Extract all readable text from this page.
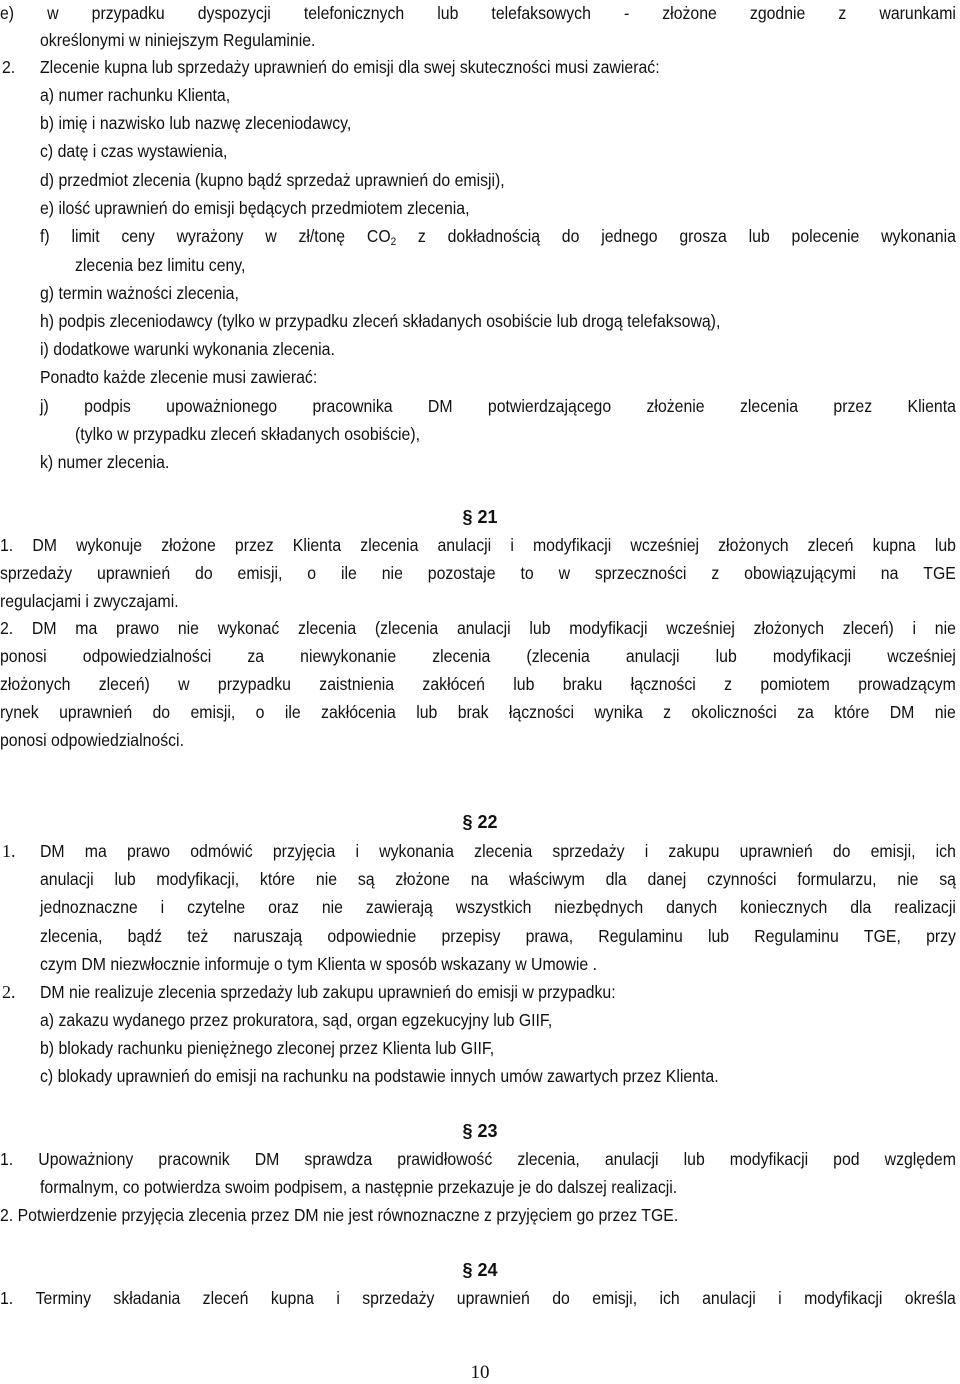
e) w przypadku dyspozycji telefonicznych lub telefaksowych - złożone zgodnie z warunkami
określonymi w niniejszym Regulaminie.
2. Zlecenie kupna lub sprzedaży uprawnień do emisji dla swej skuteczności musi zawierać:
a) numer rachunku Klienta,
b) imię i nazwisko lub nazwę zleceniodawcy,
c) datę i czas wystawienia,
d) przedmiot zlecenia (kupno bądź sprzedaż uprawnień do emisji),
e) ilość uprawnień do emisji będących przedmiotem zlecenia,
f) limit ceny wyrażony w zł/tonę $CO_2$ z dokładnością do jednego grosza lub polecenie wykonania
zlecenia bez limitu ceny,
g) termin ważności zlecenia,
h) podpis zleceniodawcy (tylko w przypadku zleceń składanych osobiście lub drogą telefaksową),
i) dodatkowe warunki wykonania zlecenia.
Ponadto każde zlecenie musi zawierać:
j) podpis upoważnionego pracownika DM potwierdzającego złożenie zlecenia przez Klienta
(tylko w przypadku zleceń składanych osobiście),
k) numer zlecenia.
§ 21
1. DM wykonuje złożone przez Klienta zlecenia anulacji i modyfikacji wcześniej złożonych zleceń kupna lub
sprzedaży uprawnień do emisji, o ile nie pozostaje to w sprzeczności z obowiązującymi na TGE
regulacjami i zwyczajami.
2. DM ma prawo nie wykonać zlecenia (zlecenia anulacji lub modyfikacji wcześniej złożonych zleceń) i nie
ponosi odpowiedzialności za niewykonanie zlecenia (zlecenia anulacji lub modyfikacji wcześniej
złożonych zleceń) w przypadku zaistnienia zakłóceń lub braku łączności z pomiotem prowadzącym
rynek uprawnień do emisji, o ile zakłócenia lub brak łączności wynika z okoliczności za które DM nie
ponosi odpowiedzialności.
§ 22
1. DM ma prawo odmówić przyjęcia i wykonania zlecenia sprzedaży i zakupu uprawnień do emisji, ich
anulacji lub modyfikacji, które nie są złożone na właściwym dla danej czynności formularzu, nie są
jednoznaczne i czytelne oraz nie zawierają wszystkich niezbędnych danych koniecznych dla realizacji
zlecenia, bądź też naruszają odpowiednie przepisy prawa, Regulaminu lub Regulaminu TGE, przy
czym DM niezwłocznie informuje o tym Klienta w sposób wskazany w Umowie .
2. DM nie realizuje zlecenia sprzedaży lub zakupu uprawnień do emisji w przypadku:
a) zakazu wydanego przez prokuratora, sąd, organ egzekucyjny lub GIIF,
b) blokady rachunku pieniężnego zleconej przez Klienta lub GIIF,
c) blokady uprawnień do emisji na rachunku na podstawie innych umów zawartych przez Klienta.
§ 23
1. Upoważniony pracownik DM sprawdza prawidłowość zlecenia, anulacji lub modyfikacji pod względem
formalnym, co potwierdza swoim podpisem, a następnie przekazuje je do dalszej realizacji.
2. Potwierdzenie przyjęcia zlecenia przez DM nie jest równoznaczne z przyjęciem go przez TGE.
§ 24
1. Terminy składania zleceń kupna i sprzedaży uprawnień do emisji, ich anulacji i modyfikacji określa
10
